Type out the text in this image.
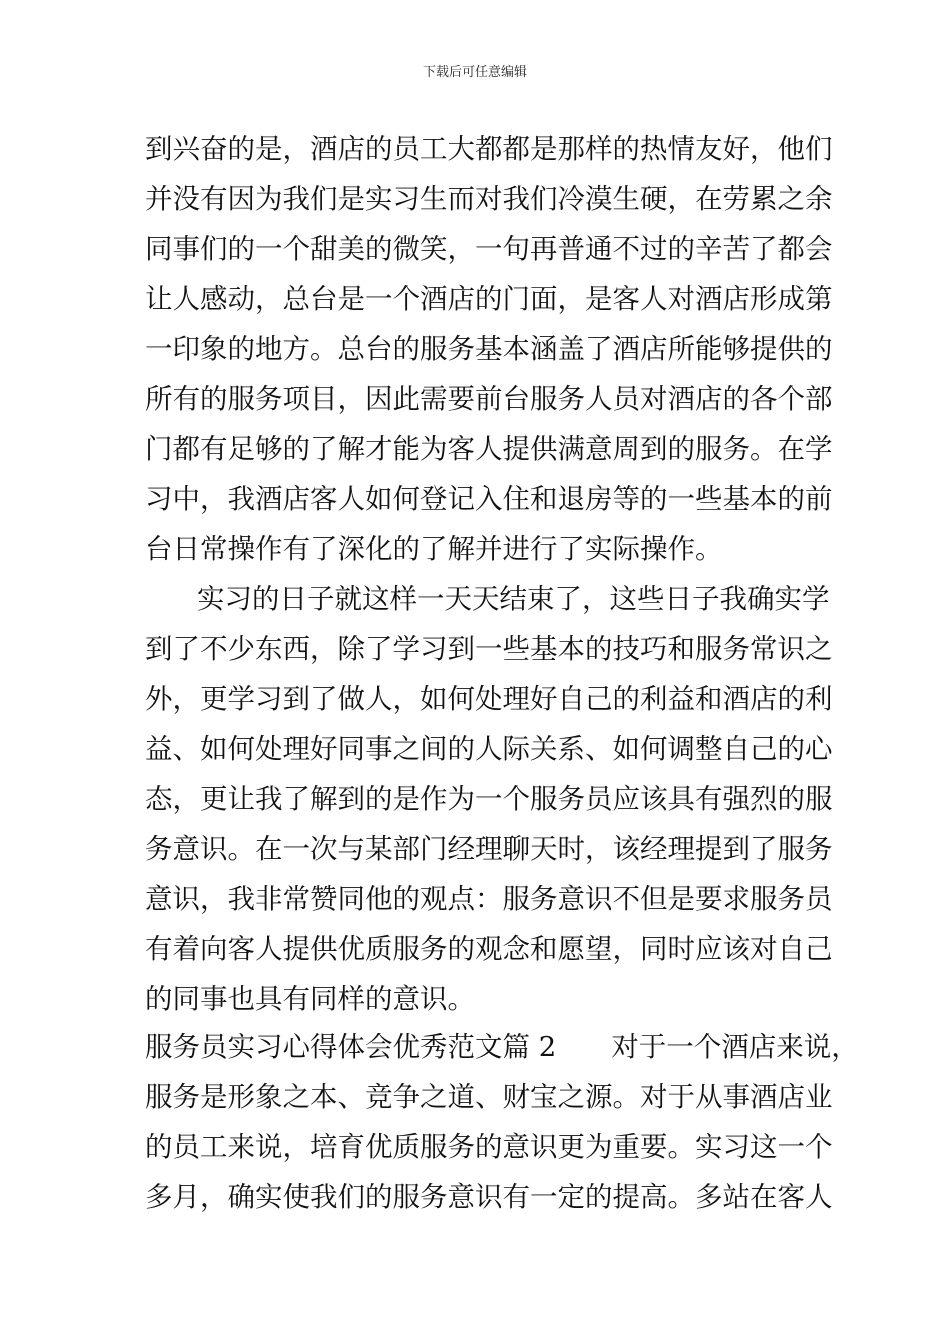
下载后可任意编辑
到兴奋的是，酒店的员工大都都是那样的热情友好，他们
并没有因为我们是实习生而对我们冷漠生硬，在劳累之余
同事们的一个甜美的微笑，一句再普通不过的辛苦了都会
让人感动，总台是一个酒店的门面，是客人对酒店形成第
一印象的地方。总台的服务基本涵盖了酒店所能够提供的
所有的服务项目，因此需要前台服务人员对酒店的各个部
门都有足够的了解才能为客人提供满意周到的服务。在学
习中，我酒店客人如何登记入住和退房等的一些基本的前
台日常操作有了深化的了解并进行了实际操作。
实习的日子就这样一天天结束了，这些日子我确实学
到了不少东西，除了学习到一些基本的技巧和服务常识之
外，更学习到了做人，如何处理好自己的利益和酒店的利
益、如何处理好同事之间的人际关系、如何调整自己的心
态，更让我了解到的是作为一个服务员应该具有强烈的服
务意识。在一次与某部门经理聊天时，该经理提到了服务
意识，我非常赞同他的观点：服务意识不但是要求服务员
有着向客人提供优质服务的观念和愿望，同时应该对自己
的同事也具有同样的意识。
服务员实习心得体会优秀范文篇 2　　对于一个酒店来说，
服务是形象之本、竞争之道、财宝之源。对于从事酒店业
的员工来说，培育优质服务的意识更为重要。实习这一个
多月，确实使我们的服务意识有一定的提高。多站在客人
